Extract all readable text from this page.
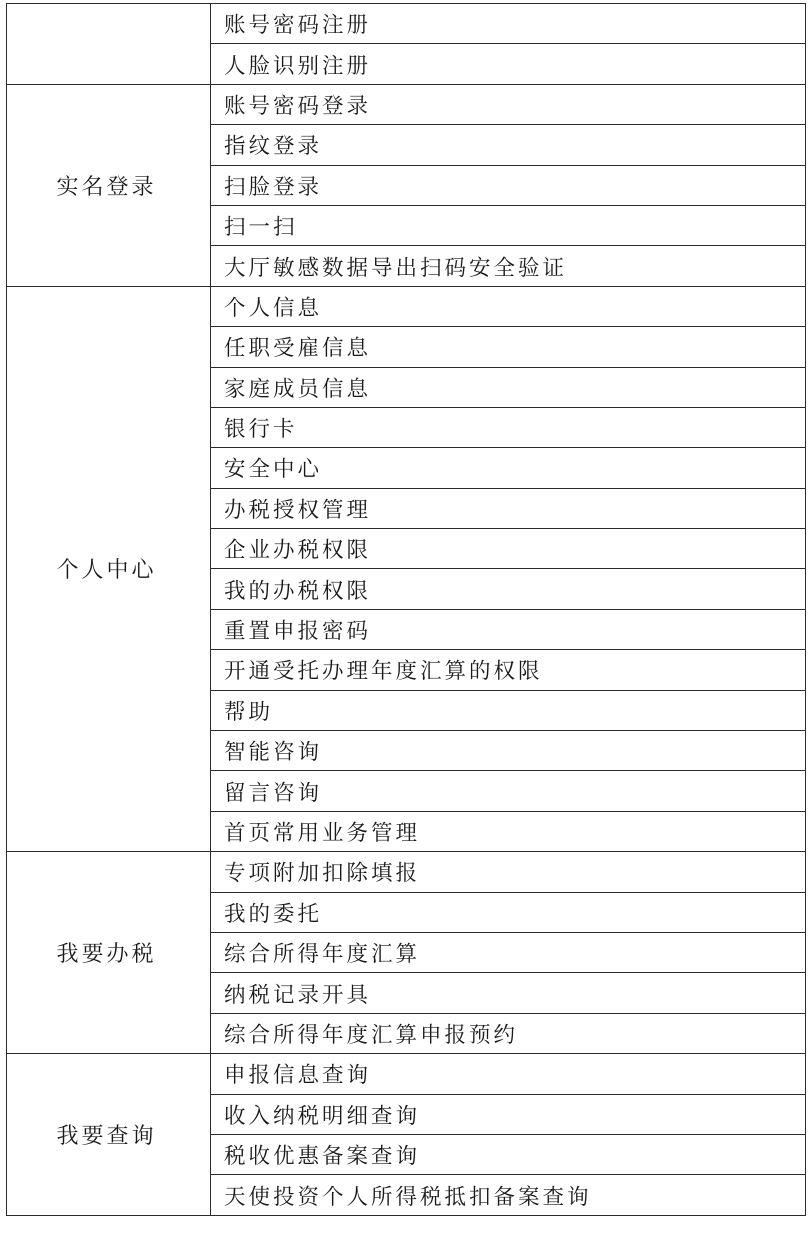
	账号密码注册
	人脸识别注册
实名登录	账号密码登录
	指纹登录
	扫脸登录
	扫一扫
	大厅敏感数据导出扫码安全验证
个人中心	个人信息
	任职受雇信息
	家庭成员信息
	银行卡
	安全中心
	办税授权管理
	企业办税权限
	我的办税权限
	重置申报密码
	开通受托办理年度汇算的权限
	帮助
	智能咨询
	留言咨询
	首页常用业务管理
我要办税	专项附加扣除填报
	我的委托
	综合所得年度汇算
	纳税记录开具
	综合所得年度汇算申报预约
我要查询	申报信息查询
	收入纳税明细查询
	税收优惠备案查询
	天使投资个人所得税抵扣备案查询
